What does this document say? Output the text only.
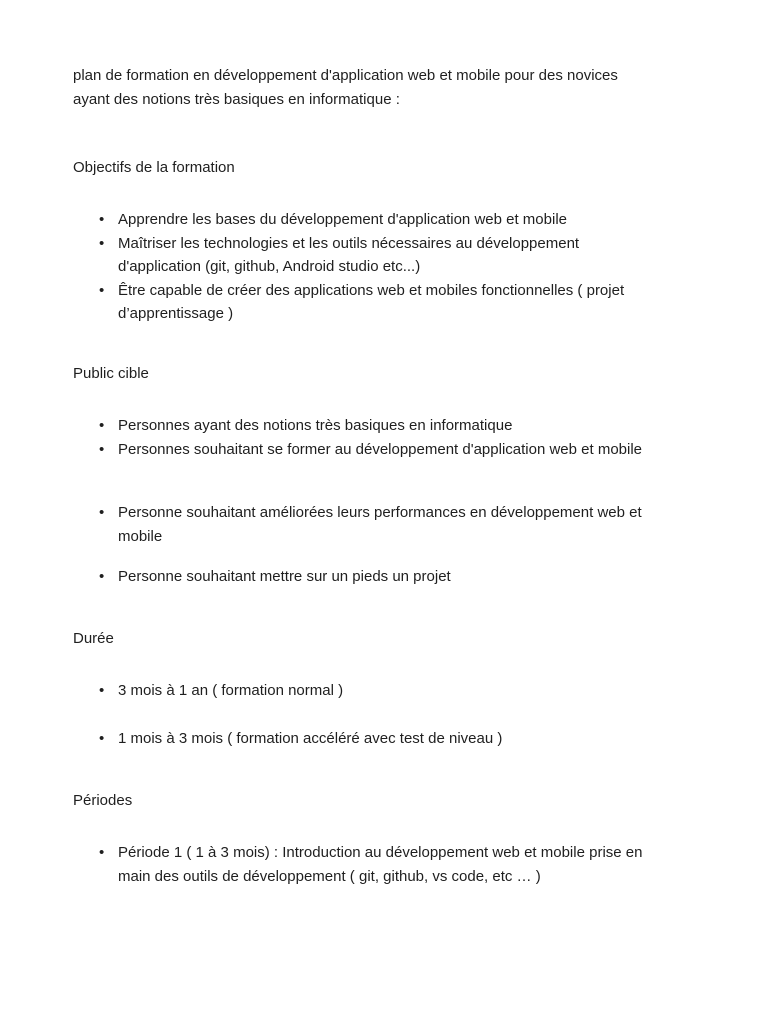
plan de formation en développement d'application web et mobile pour des novices ayant des notions très basiques en informatique :

Objectifs de la formation

• Apprendre les bases du développement d'application web et mobile
• Maîtriser les technologies et les outils nécessaires au développement d'application (git, github, Android studio etc...)
• Être capable de créer des applications web et mobiles fonctionnelles ( projet d’apprentissage )

Public cible

• Personnes ayant des notions très basiques en informatique
• Personnes souhaitant se former au développement d'application web et mobile
• Personne souhaitant améliorées leurs performances en développement web et mobile
• Personne souhaitant mettre sur un pieds un projet

Durée

• 3 mois à 1 an ( formation normal )
• 1 mois à 3 mois ( formation accéléré avec test de niveau )

Périodes

• Période 1 ( 1 à 3 mois) : Introduction au développement web et mobile prise en main des outils de développement ( git, github, vs code, etc … )
